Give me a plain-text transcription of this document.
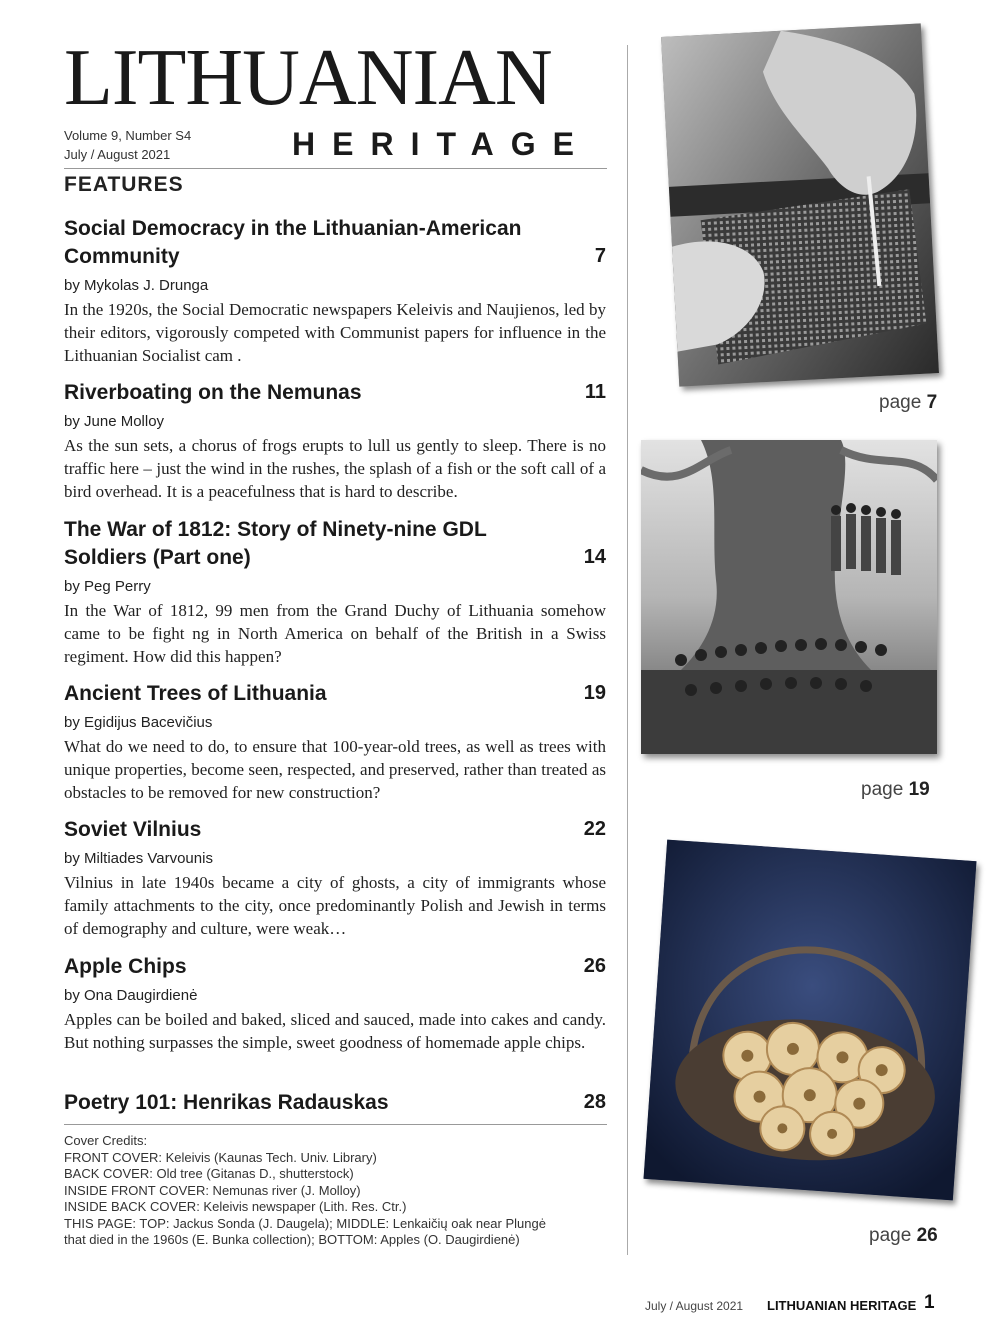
LITHUANIAN
Volume 9, Number S4
July / August 2021	HERITAGE
FEATURES
Social Democracy in the Lithuanian-American Community	7
by Mykolas J. Drunga
In the 1920s, the Social Democratic newspapers Keleivis and Naujienos, led by their editors, vigorously competed with Communist papers for influence in the Lithuanian Socialist cam .
Riverboating on the Nemunas	11
by June Molloy
As the sun sets, a chorus of frogs erupts to lull us gently to sleep. There is no traffic here – just the wind in the rushes, the splash of a fish or the soft call of a bird overhead. It is a peacefulness that is hard to describe.
The War of 1812: Story of Ninety-nine GDL Soldiers (Part one)	14
by Peg Perry
In the War of 1812, 99 men from the Grand Duchy of Lithuania somehow came to be fight ng in North America on behalf of the British in a Swiss regiment. How did this happen?
Ancient Trees of Lithuania	19
by Egidijus Bacevičius
What do we need to do, to ensure that 100-year-old trees, as well as trees with unique properties, become seen, respected, and preserved, rather than treated as obstacles to be removed for new construction?
Soviet Vilnius	22
by Miltiades Varvounis
Vilnius in late 1940s became a city of ghosts, a city of immigrants whose family attachments to the city, once predominantly Polish and Jewish in terms of demography and culture, were weak…
Apple Chips	26
by Ona Daugirdienė
Apples can be boiled and baked, sliced and sauced, made into cakes and candy. But nothing surpasses the simple, sweet goodness of homemade apple chips.
Poetry 101: Henrikas Radauskas	28
Cover Credits:
FRONT COVER: Keleivis (Kaunas Tech. Univ. Library)
BACK COVER: Old tree (Gitanas D., shutterstock)
INSIDE FRONT COVER: Nemunas river (J. Molloy)
INSIDE BACK COVER: Keleivis newspaper (Lith. Res. Ctr.)
THIS PAGE: TOP: Jackus Sonda (J. Daugela); MIDDLE: Lenkaičių oak near Plungė
that died in the 1960s (E. Bunka collection); BOTTOM: Apples (O. Daugirdienė)
page 7
page 19
page 26
July / August 2021 LITHUANIAN HERITAGE 1
